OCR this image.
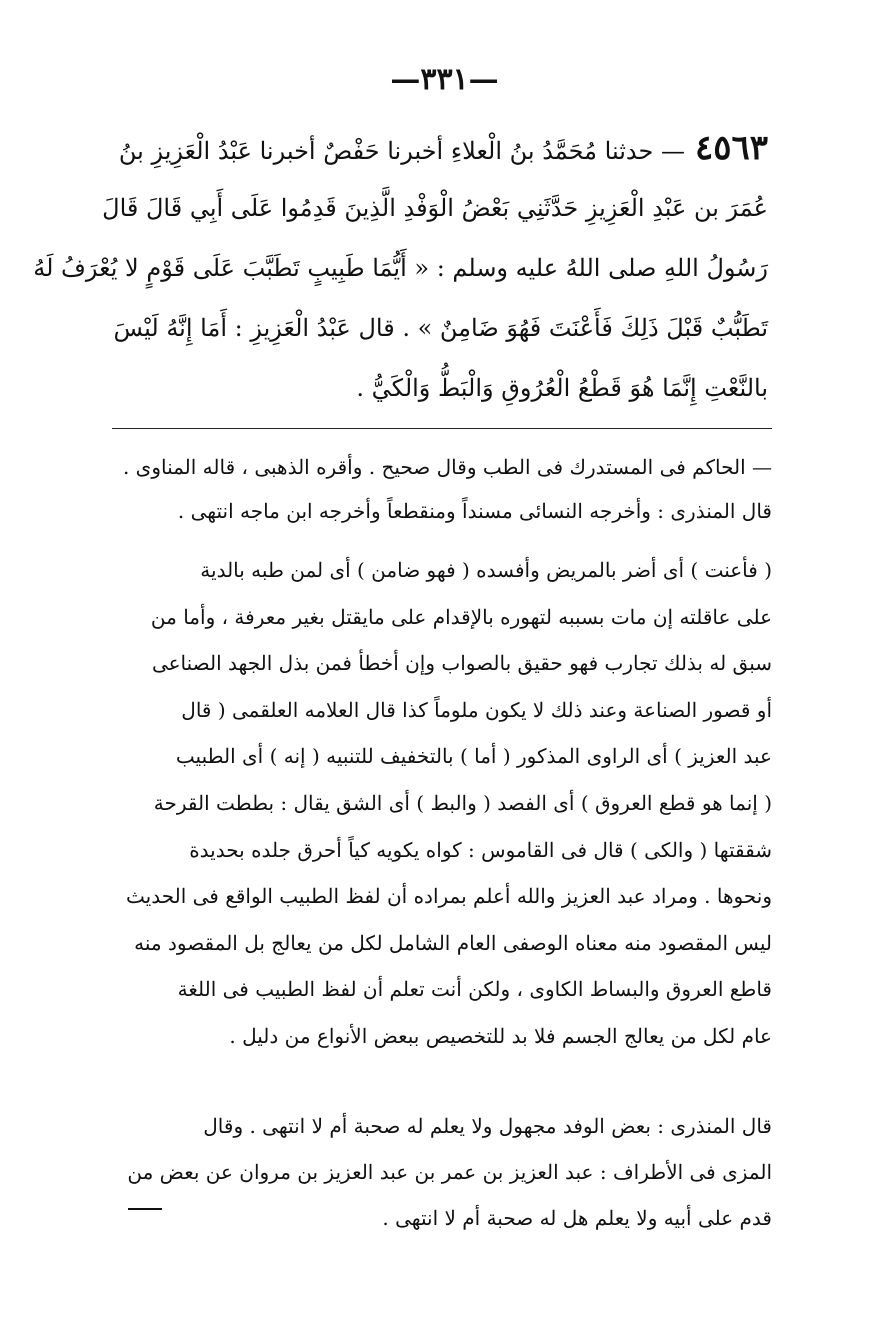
—٣٣١—
٤٥٦٣— حدثنا مُحَمَّدُ بنُ الْعلاءِ أخبرنا حَفْصٌ أخبرنا عَبْدُ الْعَزِيزِ بنُ
عُمَرَ بن عَبْدِ الْعَزِيزِ حَدَّثَنِي بَعْضُ الْوَفْدِ الَّذِينَ قَدِمُوا عَلَى أَبِي قَالَ قَالَ
رَسُولُ اللهِ صلى اللهُ عليه وسلم : « أَيُّمَا طَبِيبٍ تَطَبَّبَ عَلَى قَوْمٍ لا يُعْرَفُ لَهُ
تَطَبُّبٌ قَبْلَ ذَلِكَ فَأَعْنَتَ فَهُوَ ضَامِنٌ » . قال عَبْدُ الْعَزِيزِ : أَمَا إِنَّهُ لَيْسَ
بالنَّعْتِ إِنَّمَا هُوَ قَطْعُ الْعُرُوقِ وَالْبَطُّ وَالْكَيُّ .
— الحاكم فى المستدرك فى الطب وقال صحيح . وأقره الذهبى ، قاله المناوى .
قال المنذرى : وأخرجه النسائى مسنداً ومنقطعاً وأخرجه ابن ماجه انتهى .
( فأعنت ) أى أضر بالمريض وأفسده ( فهو ضامن ) أى لمن طبه بالدية
على عاقلته إن مات بسببه لتهوره بالإقدام على مايقتل بغير معرفة ، وأما من
سبق له بذلك تجارب فهو حقيق بالصواب وإن أخطأ فمن بذل الجهد الصناعى
أو قصور الصناعة وعند ذلك لا يكون ملوماً كذا قال العلامه العلقمى ( قال
عبد العزيز ) أى الراوى المذكور ( أما ) بالتخفيف للتنبيه ( إنه ) أى الطبيب
( إنما هو قطع العروق ) أى الفصد ( والبط ) أى الشق يقال : بططت القرحة
شققتها ( والكى ) قال فى القاموس : كواه يكويه كياً أحرق جلده بحديدة
ونحوها . ومراد عبد العزيز والله أعلم بمراده أن لفظ الطبيب الواقع فى الحديث
ليس المقصود منه معناه الوصفى العام الشامل لكل من يعالج بل المقصود منه
قاطع العروق والبساط الكاوى ، ولكن أنت تعلم أن لفظ الطبيب فى اللغة
عام لكل من يعالج الجسم فلا بد للتخصيص ببعض الأنواع من دليل .
قال المنذرى : بعض الوفد مجهول ولا يعلم له صحبة أم لا انتهى . وقال
المزى فى الأطراف : عبد العزيز بن عمر بن عبد العزيز بن مروان عن بعض من
قدم على أبيه ولا يعلم هل له صحبة أم لا انتهى .
